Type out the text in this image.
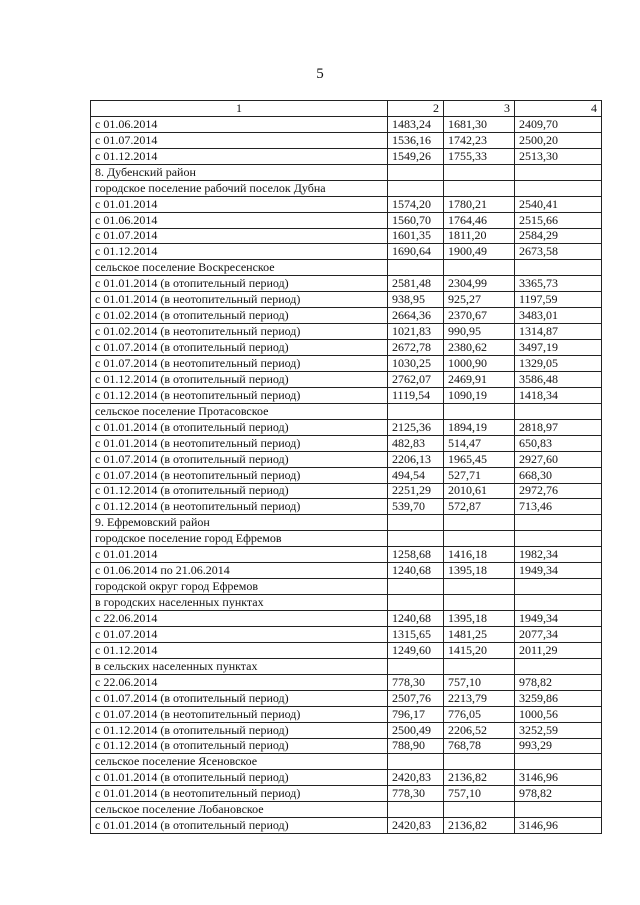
5
1	2	3	4
с 01.06.2014	1483,24	1681,30	2409,70
с 01.07.2014	1536,16	1742,23	2500,20
с 01.12.2014	1549,26	1755,33	2513,30
8. Дубенский район			
городское поселение рабочий поселок Дубна			
с 01.01.2014	1574,20	1780,21	2540,41
с 01.06.2014	1560,70	1764,46	2515,66
с 01.07.2014	1601,35	1811,20	2584,29
с 01.12.2014	1690,64	1900,49	2673,58
сельское поселение Воскресенское			
с 01.01.2014 (в отопительный период)	2581,48	2304,99	3365,73
с 01.01.2014 (в неотопительный период)	938,95	925,27	1197,59
с 01.02.2014 (в отопительный период)	2664,36	2370,67	3483,01
с 01.02.2014 (в неотопительный период)	1021,83	990,95	1314,87
с 01.07.2014 (в отопительный период)	2672,78	2380,62	3497,19
с 01.07.2014 (в неотопительный период)	1030,25	1000,90	1329,05
с 01.12.2014 (в отопительный период)	2762,07	2469,91	3586,48
с 01.12.2014 (в неотопительный период)	1119,54	1090,19	1418,34
сельское поселение Протасовское			
с 01.01.2014 (в отопительный период)	2125,36	1894,19	2818,97
с 01.01.2014 (в неотопительный период)	482,83	514,47	650,83
с 01.07.2014 (в отопительный период)	2206,13	1965,45	2927,60
с 01.07.2014 (в неотопительный период)	494,54	527,71	668,30
с 01.12.2014 (в отопительный период)	2251,29	2010,61	2972,76
с 01.12.2014 (в неотопительный период)	539,70	572,87	713,46
9. Ефремовский район			
городское поселение город Ефремов			
с 01.01.2014	1258,68	1416,18	1982,34
с 01.06.2014 по 21.06.2014	1240,68	1395,18	1949,34
городской округ город Ефремов			
в городских населенных пунктах			
с 22.06.2014	1240,68	1395,18	1949,34
с 01.07.2014	1315,65	1481,25	2077,34
с 01.12.2014	1249,60	1415,20	2011,29
в сельских населенных пунктах			
с 22.06.2014	778,30	757,10	978,82
с 01.07.2014 (в отопительный период)	2507,76	2213,79	3259,86
с 01.07.2014 (в неотопительный период)	796,17	776,05	1000,56
с 01.12.2014 (в отопительный период)	2500,49	2206,52	3252,59
с 01.12.2014 (в отопительный период)	788,90	768,78	993,29
сельское поселение Ясеновское			
с 01.01.2014 (в отопительный период)	2420,83	2136,82	3146,96
с 01.01.2014 (в неотопительный период)	778,30	757,10	978,82
сельское поселение Лобановское			
с 01.01.2014 (в отопительный период)	2420,83	2136,82	3146,96
